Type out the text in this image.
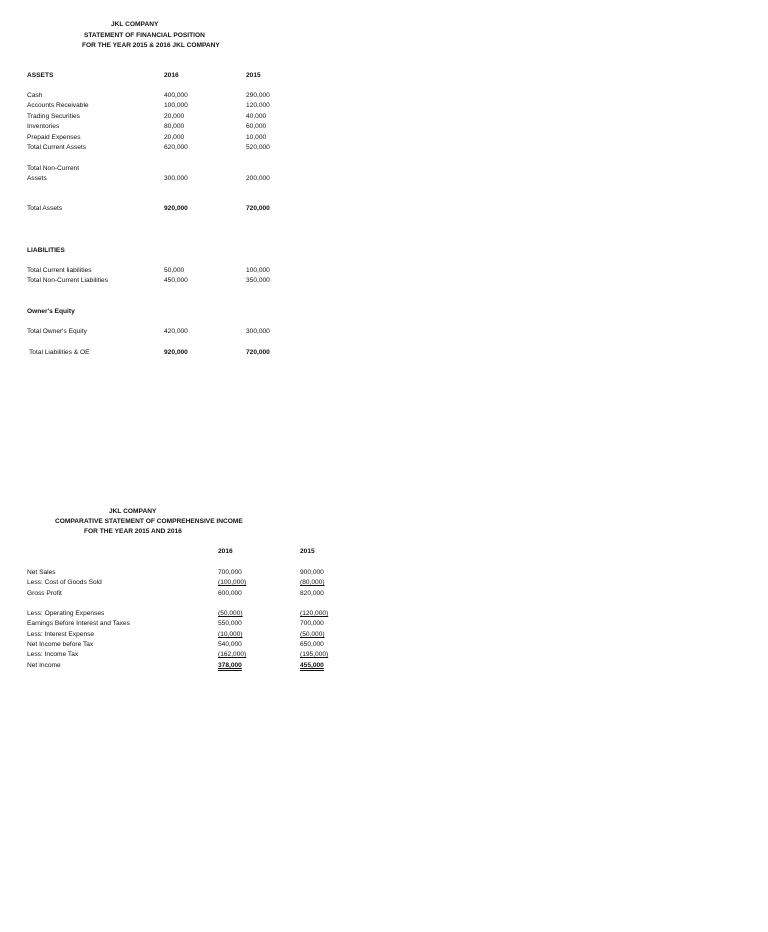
JKL COMPANY
STATEMENT OF FINANCIAL POSITION
FOR THE YEAR 2015 & 2016 JKL COMPANY
ASSETS	2016	2015
Cash	400,000	290,000
Accounts Receivable	100,000	120,000
Trading Securities	20,000	40,000
Inventories	80,000	60,000
Prepaid Expenses	20,000	10,000
Total Current Assets	620,000	520,000
Total Non-Current
Assets	300,000	200,000
Total Assets	920,000	720,000
LIABILITIES
Total Current liabilities	50,000	100,000
Total Non-Current Liabilities	450,000	350,000
Owner's Equity
Total Owner's Equity	420,000	300,000
Total Liabilities & OE	920,000	720,000
JKL COMPANY
COMPARATIVE STATEMENT OF COMPREHENSIVE INCOME
FOR THE YEAR 2015 AND 2016
2016	2015
Net Sales	700,000	900,000
Less: Cost of Goods Sold	(100,000)	(80,000)
Gross Profit	600,000	820,000
Less: Operating Expenses	(50,000)	(120,000)
Earnings Before Interest and Taxes	550,000	700,000
Less: Interest Expense	(10,000)	(50,000)
Net Income before Tax	540,000	650,000
Less: Income Tax	(162,000)	(195,000)
Net Income	378,000	455,000
